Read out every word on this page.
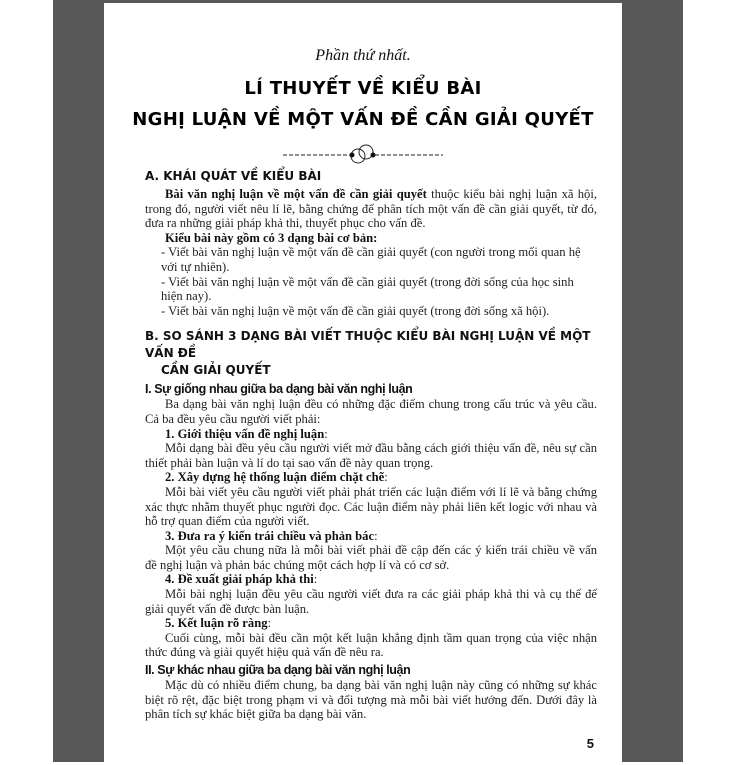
Phần thứ nhất.
LÍ THUYẾT VỀ KIỂU BÀI
NGHỊ LUẬN VỀ MỘT VẤN ĐỀ CẦN GIẢI QUYẾT
A. KHÁI QUÁT VỀ KIỂU BÀI

Bài văn nghị luận về một vấn đề cần giải quyết thuộc kiểu bài nghị luận xã hội, trong đó, người viết nêu lí lẽ, bằng chứng để phân tích một vấn đề cần giải quyết, từ đó, đưa ra những giải pháp khả thi, thuyết phục cho vấn đề.

Kiểu bài này gồm có 3 dạng bài cơ bản:

- Viết bài văn nghị luận về một vấn đề cần giải quyết (con người trong mối quan hệ với tự nhiên).

- Viết bài văn nghị luận về một vấn đề cần giải quyết (trong đời sống của học sinh hiện nay).

- Viết bài văn nghị luận về một vấn đề cần giải quyết (trong đời sống xã hội).

B. SO SÁNH 3 DẠNG BÀI VIẾT THUỘC KIỂU BÀI NGHỊ LUẬN VỀ MỘT VẤN ĐỀ
CẦN GIẢI QUYẾT
I. Sự giống nhau giữa ba dạng bài văn nghị luận

Ba dạng bài văn nghị luận đều có những đặc điểm chung trong cấu trúc và yêu cầu. Cả ba đều yêu cầu người viết phải:

1. Giới thiệu vấn đề nghị luận:

Mỗi dạng bài đều yêu cầu người viết mở đầu bằng cách giới thiệu vấn đề, nêu sự cần thiết phải bàn luận và lí do tại sao vấn đề này quan trọng.

2. Xây dựng hệ thống luận điểm chặt chẽ:

Mỗi bài viết yêu cầu người viết phải phát triển các luận điểm với lí lẽ và bằng chứng xác thực nhằm thuyết phục người đọc. Các luận điểm này phải liên kết logic với nhau và hỗ trợ quan điểm của người viết.

3. Đưa ra ý kiến trái chiều và phản bác:

Một yêu cầu chung nữa là mỗi bài viết phải đề cập đến các ý kiến trái chiều về vấn đề nghị luận và phản bác chúng một cách hợp lí và có cơ sở.

4. Đề xuất giải pháp khả thi:

Mỗi bài nghị luận đều yêu cầu người viết đưa ra các giải pháp khả thi và cụ thể để giải quyết vấn đề được bàn luận.

5. Kết luận rõ ràng:

Cuối cùng, mỗi bài đều cần một kết luận khẳng định tầm quan trọng của việc nhận thức đúng và giải quyết hiệu quả vấn đề nêu ra.

II. Sự khác nhau giữa ba dạng bài văn nghị luận

Mặc dù có nhiều điểm chung, ba dạng bài văn nghị luận này cũng có những sự khác biệt rõ rệt, đặc biệt trong phạm vi và đối tượng mà mỗi bài viết hướng đến. Dưới đây là phân tích sự khác biệt giữa ba dạng bài văn.

5
